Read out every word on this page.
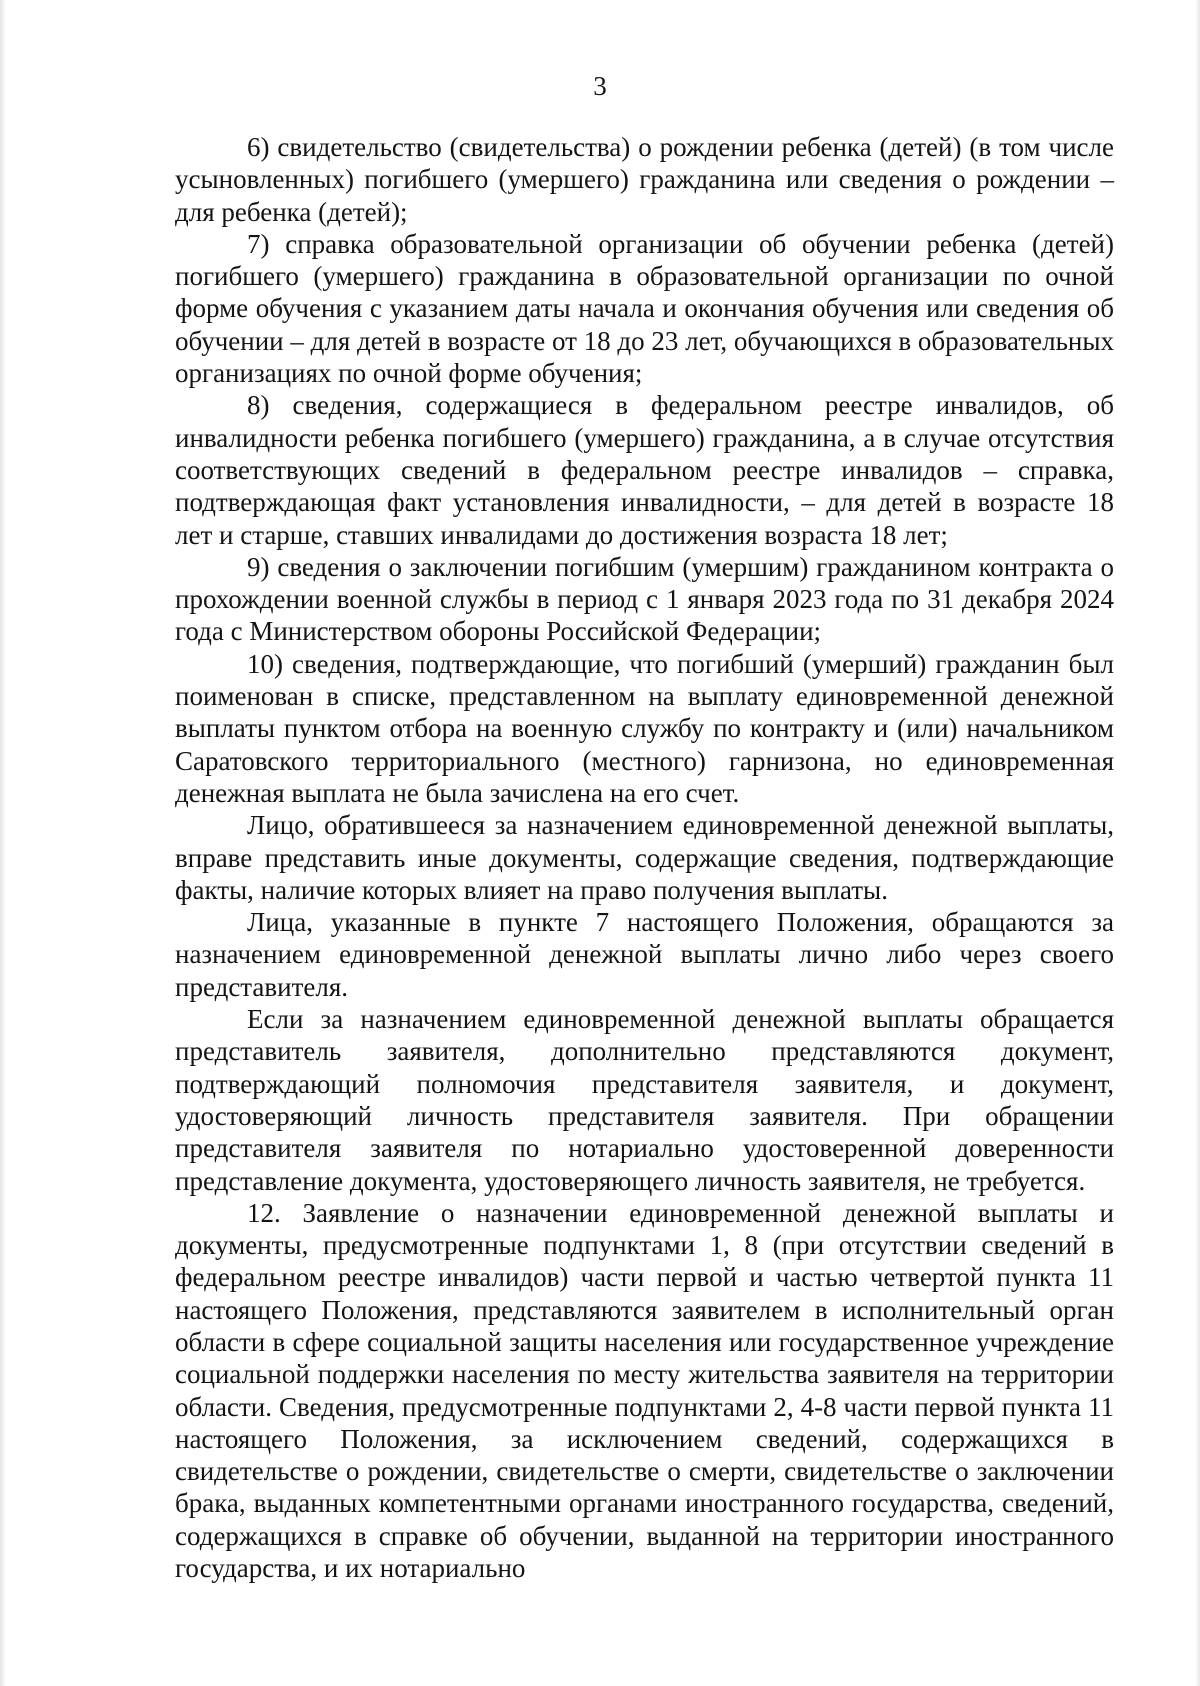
3

6) свидетельство (свидетельства) о рождении ребенка (детей) (в том числе усыновленных) погибшего (умершего) гражданина или сведения о рождении – для ребенка (детей);

7) справка образовательной организации об обучении ребенка (детей) погибшего (умершего) гражданина в образовательной организации по очной форме обучения с указанием даты начала и окончания обучения или сведения об обучении – для детей в возрасте от 18 до 23 лет, обучающихся в образовательных организациях по очной форме обучения;

8) сведения, содержащиеся в федеральном реестре инвалидов, об инвалидности ребенка погибшего (умершего) гражданина, а в случае отсутствия соответствующих сведений в федеральном реестре инвалидов – справка, подтверждающая факт установления инвалидности, – для детей в возрасте 18 лет и старше, ставших инвалидами до достижения возраста 18 лет;

9) сведения о заключении погибшим (умершим) гражданином контракта о прохождении военной службы в период с 1 января 2023 года по 31 декабря 2024 года с Министерством обороны Российской Федерации;

10) сведения, подтверждающие, что погибший (умерший) гражданин был поименован в списке, представленном на выплату единовременной денежной выплаты пунктом отбора на военную службу по контракту и (или) начальником Саратовского территориального (местного) гарнизона, но единовременная денежная выплата не была зачислена на его счет.

Лицо, обратившееся за назначением единовременной денежной выплаты, вправе представить иные документы, содержащие сведения, подтверждающие факты, наличие которых влияет на право получения выплаты.

Лица, указанные в пункте 7 настоящего Положения, обращаются за назначением единовременной денежной выплаты лично либо через своего представителя.

Если за назначением единовременной денежной выплаты обращается представитель заявителя, дополнительно представляются документ, подтверждающий полномочия представителя заявителя, и документ, удостоверяющий личность представителя заявителя. При обращении представителя заявителя по нотариально удостоверенной доверенности представление документа, удостоверяющего личность заявителя, не требуется.

12. Заявление о назначении единовременной денежной выплаты и документы, предусмотренные подпунктами 1, 8 (при отсутствии сведений в федеральном реестре инвалидов) части первой и частью четвертой пункта 11 настоящего Положения, представляются заявителем в исполнительный орган области в сфере социальной защиты населения или государственное учреждение социальной поддержки населения по месту жительства заявителя на территории области. Сведения, предусмотренные подпунктами 2, 4-8 части первой пункта 11 настоящего Положения, за исключением сведений, содержащихся в свидетельстве о рождении, свидетельстве о смерти, свидетельстве о заключении брака, выданных компетентными органами иностранного государства, сведений, содержащихся в справке об обучении, выданной на территории иностранного государства, и их нотариально
